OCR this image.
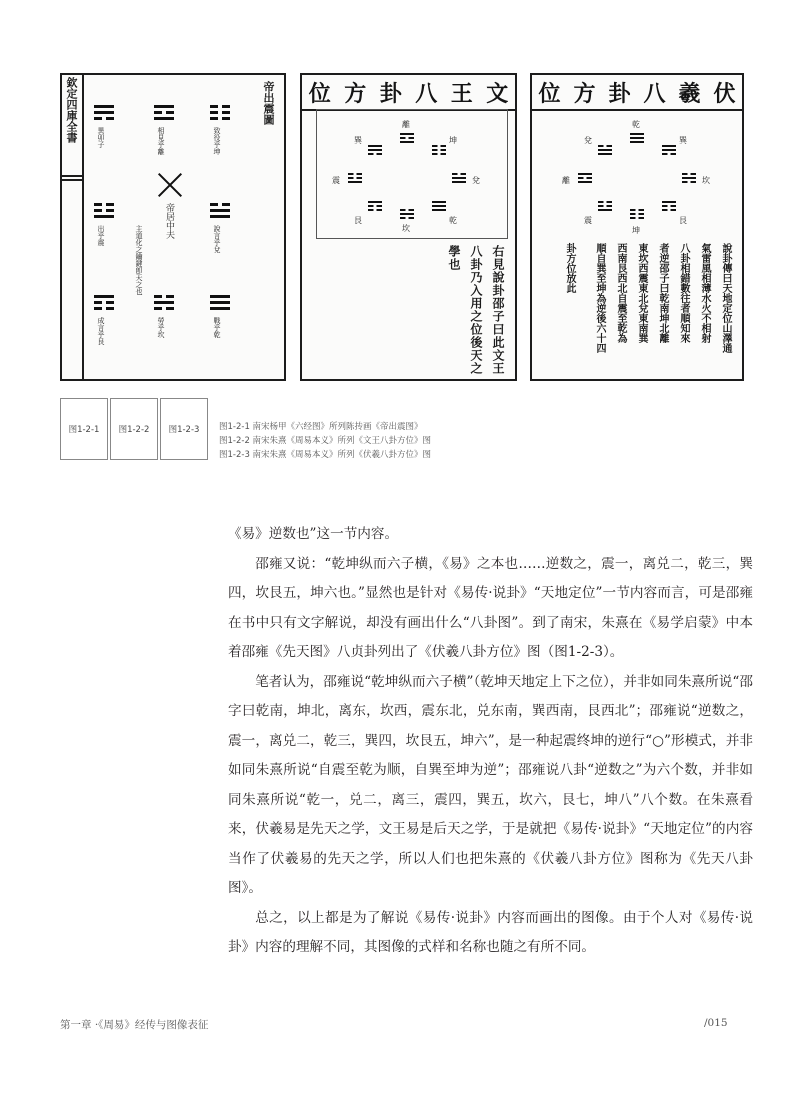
欽定四庫全書	帝出震圖
異卯子	相見乎離	致役乎坤
帝居中夫
主道化之鑰鍵卽天之也
出乎震	說言乎兌
成言乎艮	勞乎坎	戰乎乾
位 方 卦 八 王 文
離
坤
兌
乾
坎
艮
震
巽
右見說卦邵子曰此文王
八卦乃入用之位後天之
學也
位 方 卦 八 羲 伏
乾
兌
離
震
坤
艮
坎
巽
說卦傳曰天地定位山澤通
氣雷風相薄水火不相射
八卦相錯數往者順知來
者逆邵子曰乾南坤北離
東坎西震東北兌東南巽
西南艮西北自震至乾為
順自巽至坤為逆後六十四
卦方位放此
图1-2-1	图1-2-2	图1-2-3	图1-2-1 南宋杨甲《六经图》所列陈抟画《帝出震图》
图1-2-2 南宋朱熹《周易本义》所列《文王八卦方位》图
图1-2-3 南宋朱熹《周易本义》所列《伏羲八卦方位》图

《易》逆数也”这一节内容。

邵雍又说：“乾坤纵而六子横，《易》之本也……逆数之，震一，离兑二，乾三，巽四，坎艮五，坤六也。”显然也是针对《易传·说卦》“天地定位”一节内容而言，可是邵雍在书中只有文字解说，却没有画出什么“八卦图”。到了南宋，朱熹在《易学启蒙》中本着邵雍《先天图》八贞卦列出了《伏羲八卦方位》图（图1-2-3）。

笔者认为，邵雍说“乾坤纵而六子横”（乾坤天地定上下之位），并非如同朱熹所说“邵字曰乾南，坤北，离东，坎西，震东北，兑东南，巽西南，艮西北”；邵雍说“逆数之，震一，离兑二，乾三，巽四，坎艮五，坤六”，是一种起震终坤的逆行“○”形模式，并非如同朱熹所说“自震至乾为顺，自巽至坤为逆”；邵雍说八卦“逆数之”为六个数，并非如同朱熹所说“乾一，兑二，离三，震四，巽五，坎六，艮七，坤八”八个数。在朱熹看来，伏羲易是先天之学，文王易是后天之学，于是就把《易传·说卦》“天地定位”的内容当作了伏羲易的先天之学，所以人们也把朱熹的《伏羲八卦方位》图称为《先天八卦图》。

总之，以上都是为了解说《易传·说卦》内容而画出的图像。由于个人对《易传·说卦》内容的理解不同，其图像的式样和名称也随之有所不同。

第一章 ·《周易》经传与图像表征	/015
